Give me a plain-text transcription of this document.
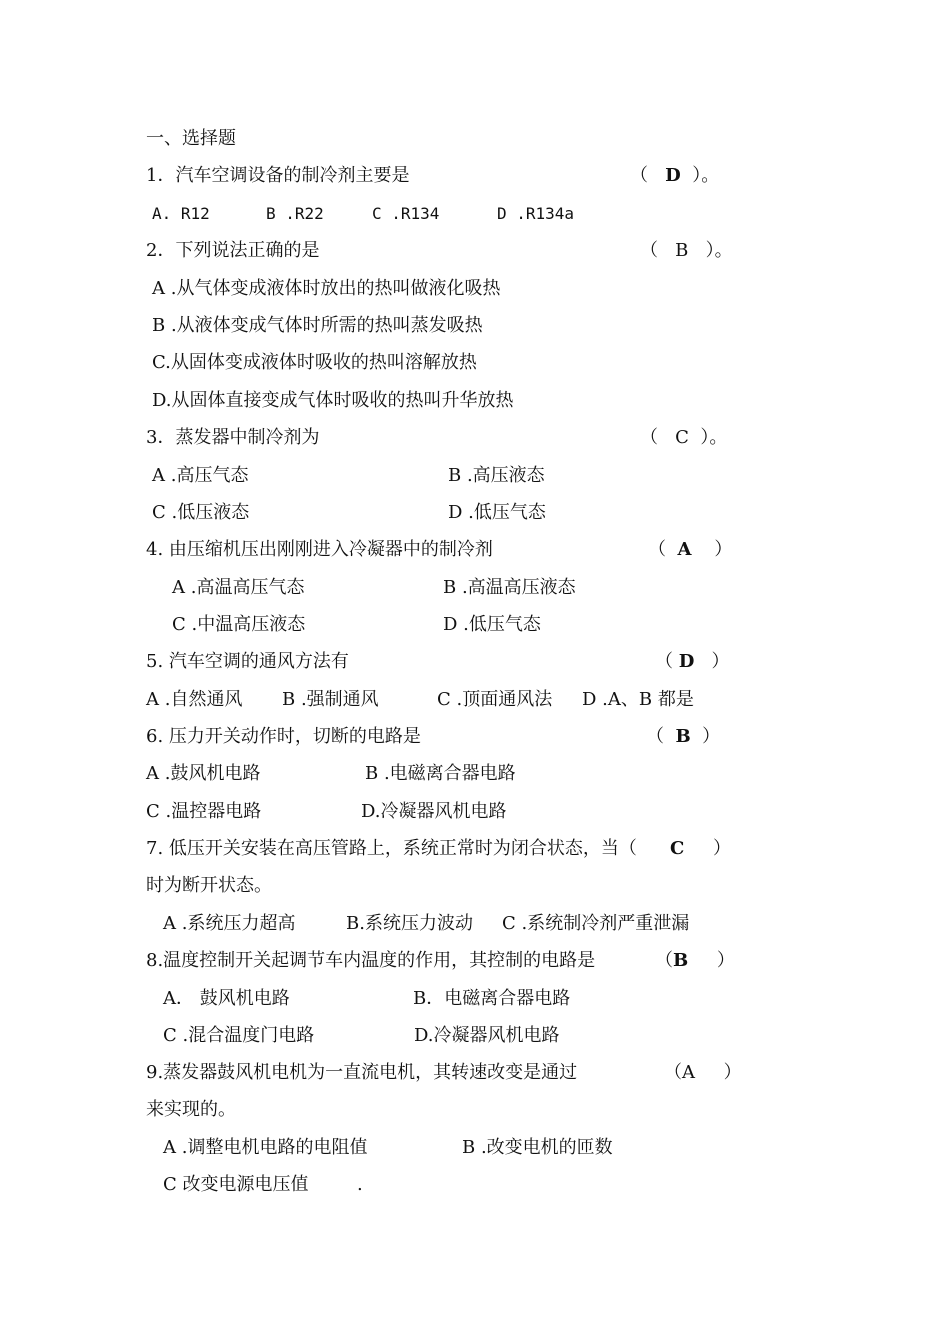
一、选择题
1．汽车空调设备的制冷剂主要是	（ D ）。
A. R12	B .R22	C .R134	D .R134a
2．下列说法正确的是	（ B ）。
A .从气体变成液体时放出的热叫做液化吸热
B .从液体变成气体时所需的热叫蒸发吸热
C.从固体变成液体时吸收的热叫溶解放热
D.从固体直接变成气体时吸收的热叫升华放热
3．蒸发器中制冷剂为	（ C ）。
A .高压气态	B .高压液态
C .低压液态	D .低压气态
4. 由压缩机压出刚刚进入冷凝器中的制冷剂	（ A ）
A .高温高压气态	B .高温高压液态
C .中温高压液态	D .低压气态
5. 汽车空调的通风方法有	（ D ）
A .自然通风 B .强制通风	C .顶面通风法 D .A、B 都是
6. 压力开关动作时，切断的电路是	（ B ）
A .鼓风机电路	B .电磁离合器电路
C .温控器电路	D.冷凝器风机电路
7. 低压开关安装在高压管路上，系统正常时为闭合状态，当（ C ）
时为断开状态。
A .系统压力超高	B.系统压力波动 C .系统制冷剂严重泄漏
8.温度控制开关起调节车内温度的作用，其控制的电路是	（B ）
A． 鼓风机电路	B．电磁离合器电路
C .混合温度门电路	D.冷凝器风机电路
9.蒸发器鼓风机电机为一直流电机，其转速改变是通过	（A ）
来实现的。
A .调整电机电路的电阻值	B .改变电机的匝数
C 改变电源电压值	.
